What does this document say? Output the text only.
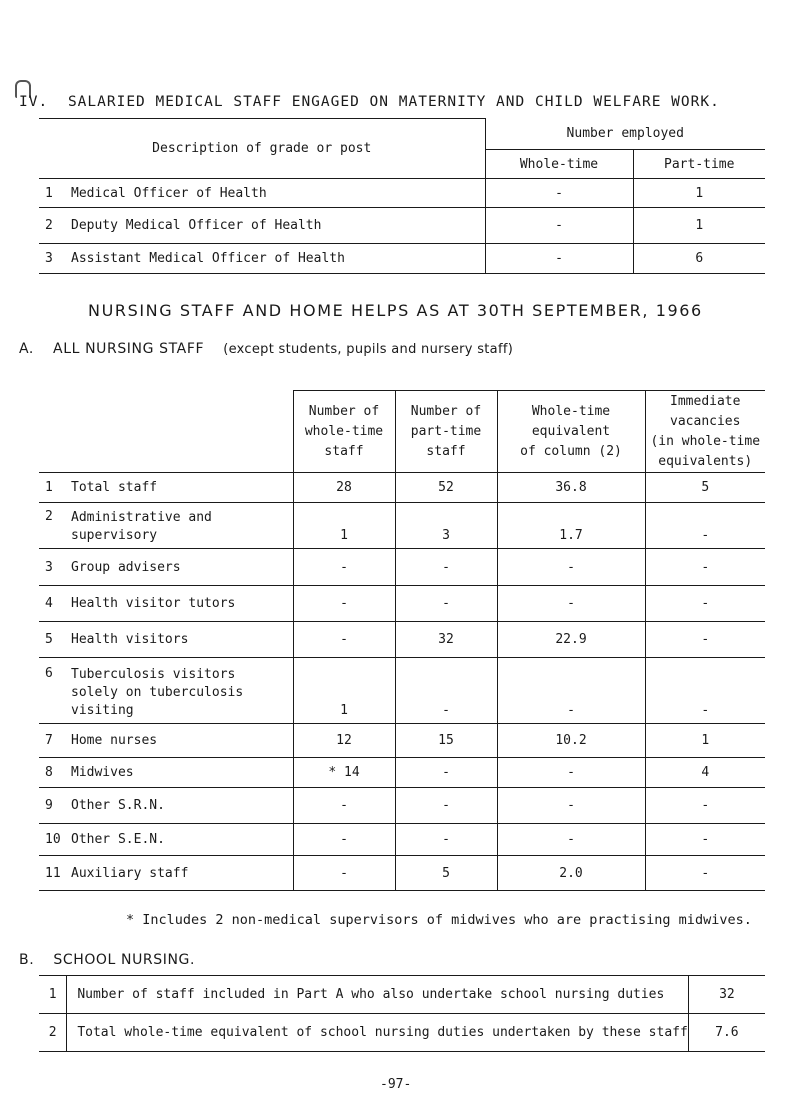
IV. SALARIED MEDICAL STAFF ENGAGED ON MATERNITY AND CHILD WELFARE WORK.
Description of grade or post	Number employed	
	Whole-time	Part-time
1 Medical Officer of Health	-	1
2 Deputy Medical Officer of Health	-	1
3 Assistant Medical Officer of Health	-	6
NURSING STAFF AND HOME HELPS AS AT 30TH SEPTEMBER, 1966
A. ALL NURSING STAFF (except students, pupils and nursery staff)
	Number of
whole-time
staff	Number of
part-time
staff	Whole-time
equivalent
of column (2)	Immediate
vacancies
(in whole-time
equivalents)
1 Total staff	28	52	36.8	5
2 Administrative and
supervisory	1	3	1.7	-
3 Group advisers	-	-	-	-
4 Health visitor tutors	-	-	-	-
5 Health visitors	-	32	22.9	-
6 Tuberculosis visitors
solely on tuberculosis
visiting	1	-	-	-
7 Home nurses	12	15	10.2	1
8 Midwives	* 14	-	-	4
9 Other S.R.N.	-	-	-	-
10 Other S.E.N.	-	-	-	-
11 Auxiliary staff	-	5	2.0	-
* Includes 2 non-medical supervisors of midwives who are practising midwives.
B. SCHOOL NURSING.
1	Number of staff included in Part A who also undertake school nursing duties	32
2	Total whole-time equivalent of school nursing duties undertaken by these staff	7.6
-97-
